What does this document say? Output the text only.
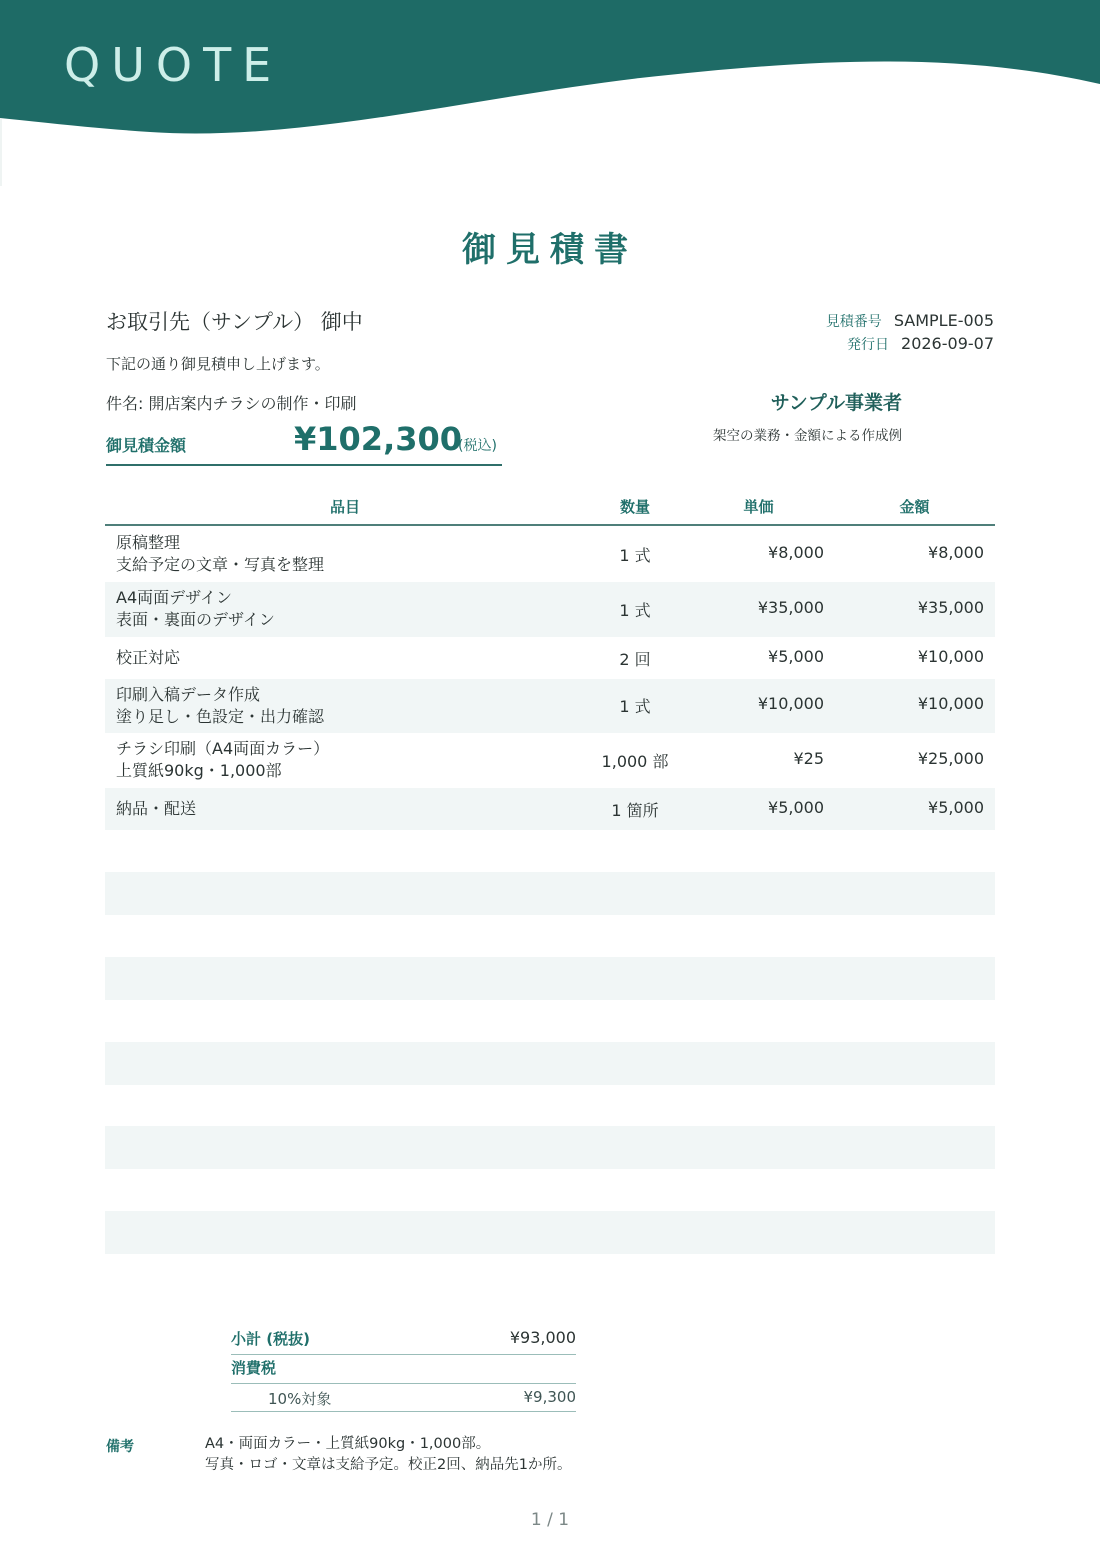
QUOTE
御見積書
お取引先（サンプル） 御中
下記の通り御見積申し上げます。
件名: 開店案内チラシの制作・印刷
御見積金額	¥102,300
(税込)
見積番号 SAMPLE-005
発行日 2026-09-07
サンプル事業者
架空の業務・金額による作成例
品目	数量	単価	金額
原稿整理
支給予定の文章・写真を整理	1 式	¥8,000	¥8,000
A4両面デザイン
表面・裏面のデザイン	1 式	¥35,000	¥35,000
校正対応	2 回	¥5,000	¥10,000
印刷入稿データ作成
塗り足し・色設定・出力確認
1 式	¥10,000	¥10,000
チラシ印刷（A4両面カラー）
上質紙90kg・1,000部	1,000 部	¥25	¥25,000
納品・配送	1 箇所	¥5,000	¥5,000
小計 (税抜)	¥93,000
消費税
10%対象	¥9,300
備考	A4・両面カラー・上質紙90kg・1,000部。
写真・ロゴ・文章は支給予定。校正2回、納品先1か所。
1 / 1
